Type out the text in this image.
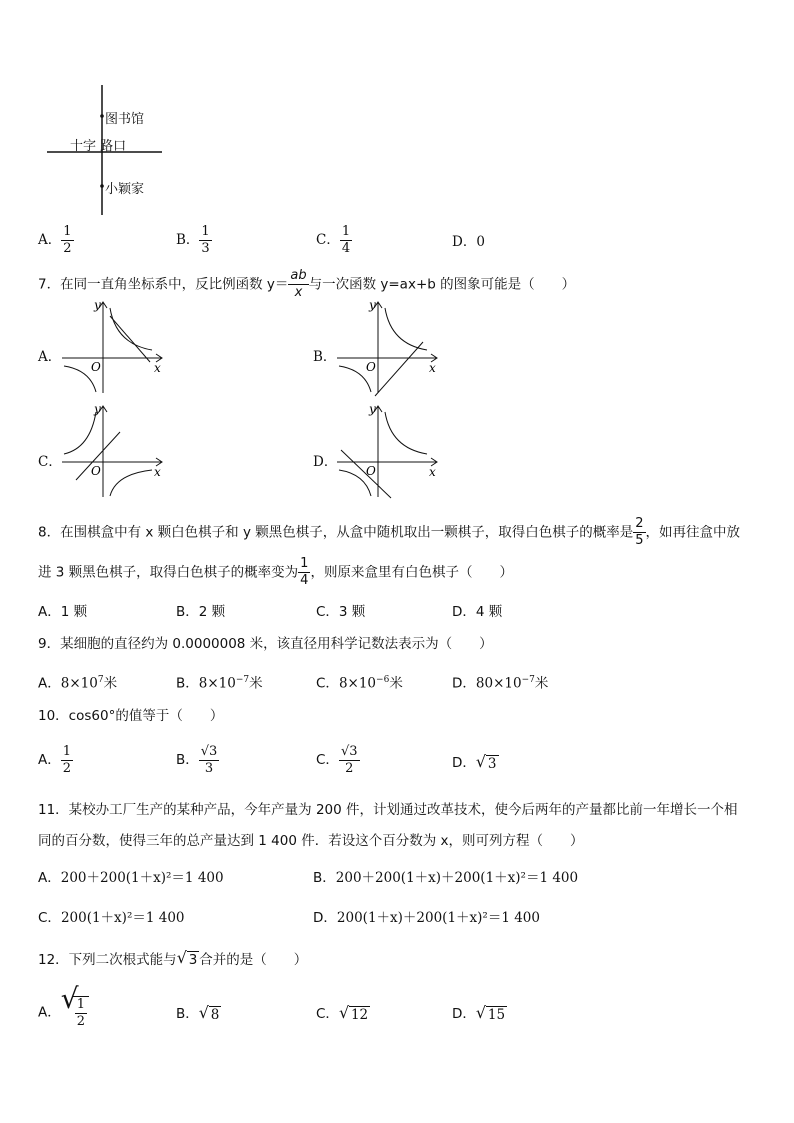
图书馆
十字 路口
小颖家
A． $\frac{1}{2}$	B． $\frac{1}{3}$	C． $\frac{1}{4}$	D．0
7．在同一直角坐标系中，反比例函数 $y= \frac{ab}{x}$ 与一次函数 y=ax+b 的图象可能是（　　）
A．
y
x
O
B．
y
x
O
C．
y
x
O
D．
y
x
O
8．在围棋盒中有 x 颗白色棋子和 y 颗黑色棋子，从盒中随机取出一颗棋子，取得白色棋子的概率是 $\frac{2}{5}$ ，如再往盒中放
进 3 颗黑色棋子，取得白色棋子的概率变为 $\frac{1}{4}$ ，则原来盒里有白色棋子（　　）
A．1 颗	B．2 颗	C．3 颗	D．4 颗
9．某细胞的直径约为 0.0000008 米，该直径用科学记数法表示为（　　）
A．$8\times 10^7$米	B．$8\times 10^{-7}$米	C．$8\times 10^{-6}$米	D．$80\times 10^{-7}$米
10．cos60°的值等于（　　）
A． $\frac{1}{2}$	B． $\frac{√3}{3}$	C． $\frac{√3}{2}$	D． √ 3
11．某校办工厂生产的某种产品，今年产量为 200 件，计划通过改革技术，使今后两年的产量都比前一年增长一个相
同的百分数，使得三年的总产量达到 1 400 件．若设这个百分数为 x，则可列方程（　　）
A．200＋200(1＋x)²＝1 400	B．200＋200(1＋x)＋200(1＋x)²＝1 400
C．200(1＋x)²＝1 400	D．200(1＋x)＋200(1＋x)²＝1 400
12．下列二次根式能与 √ 3 合并的是（　　）
A． √
$\frac{1}{2}$	B． √ 8	C． √ 12	D． √ 15
